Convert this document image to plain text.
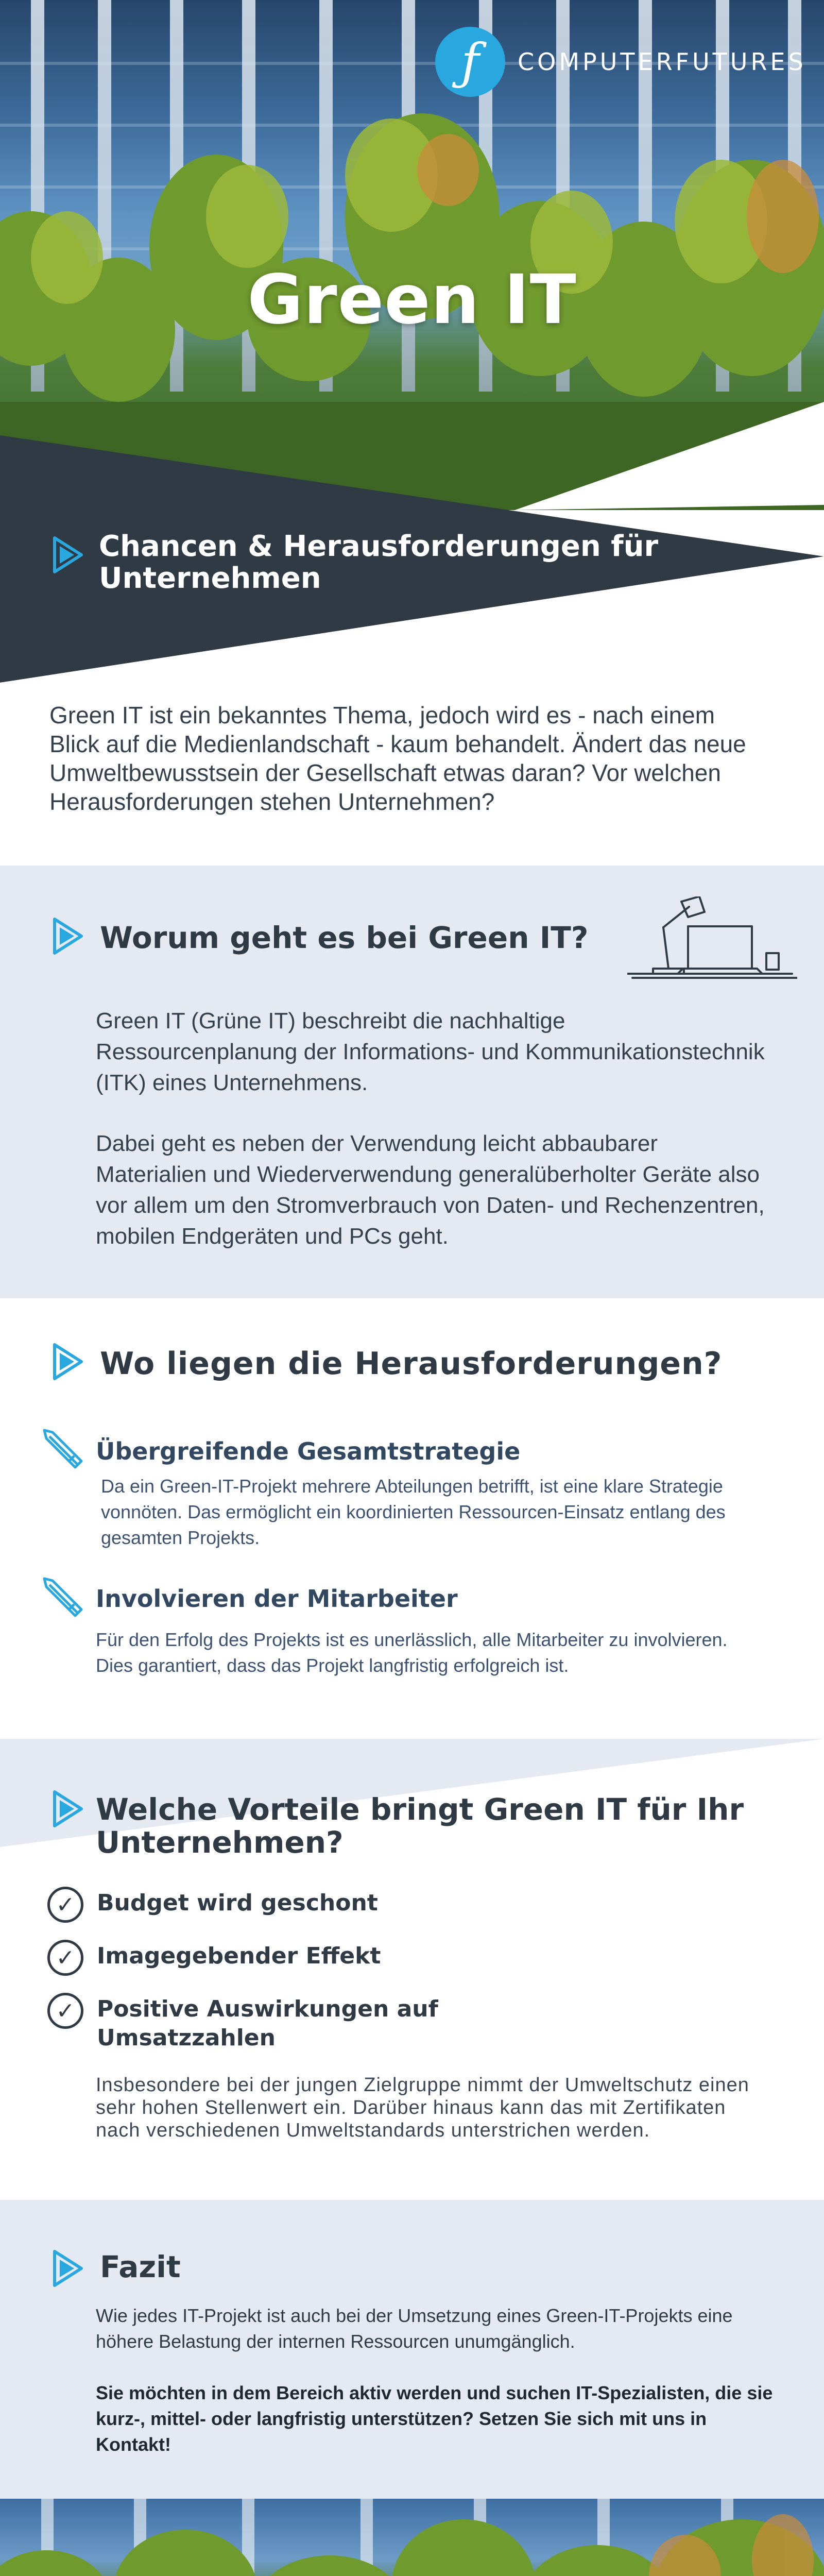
ƒ	COMPUTERFUTURES
Green IT
Chancen & Herausforderungen für Unternehmen
Green IT ist ein bekanntes Thema, jedoch wird es - nach einem Blick auf die Medienlandschaft - kaum behandelt. Ändert das neue Umweltbewusstsein der Gesellschaft etwas daran? Vor welchen Herausforderungen stehen Unternehmen?
Worum geht es bei Green IT?
Green IT (Grüne IT) beschreibt die nachhaltige Ressourcenplanung der Informations- und Kommunikationstechnik (ITK) eines Unternehmens.
Dabei geht es neben der Verwendung leicht abbaubarer Materialien und Wiederverwendung generalüberholter Geräte also vor allem um den Stromverbrauch von Daten- und Rechenzentren, mobilen Endgeräten und PCs geht.
Wo liegen die Herausforderungen?
Übergreifende Gesamtstrategie
Da ein Green-IT-Projekt mehrere Abteilungen betrifft, ist eine klare Strategie vonnöten. Das ermöglicht ein koordinierten Ressourcen-Einsatz entlang des gesamten Projekts.
Involvieren der Mitarbeiter
Für den Erfolg des Projekts ist es unerlässlich, alle Mitarbeiter zu involvieren. Dies garantiert, dass das Projekt langfristig erfolgreich ist.
Welche Vorteile bringt Green IT für Ihr Unternehmen?
✓ Budget wird geschont
✓ Imagegebender Effekt
✓ Positive Auswirkungen auf Umsatzzahlen
Insbesondere bei der jungen Zielgruppe nimmt der Umweltschutz einen sehr hohen Stellenwert ein. Darüber hinaus kann das mit Zertifikaten nach verschiedenen Umweltstandards unterstrichen werden.
Fazit
Wie jedes IT-Projekt ist auch bei der Umsetzung eines Green-IT-Projekts eine höhere Belastung der internen Ressourcen unumgänglich.
Sie möchten in dem Bereich aktiv werden und suchen IT-Spezialisten, die sie kurz-, mittel- oder langfristig unterstützen? Setzen Sie sich mit uns in Kontakt!
